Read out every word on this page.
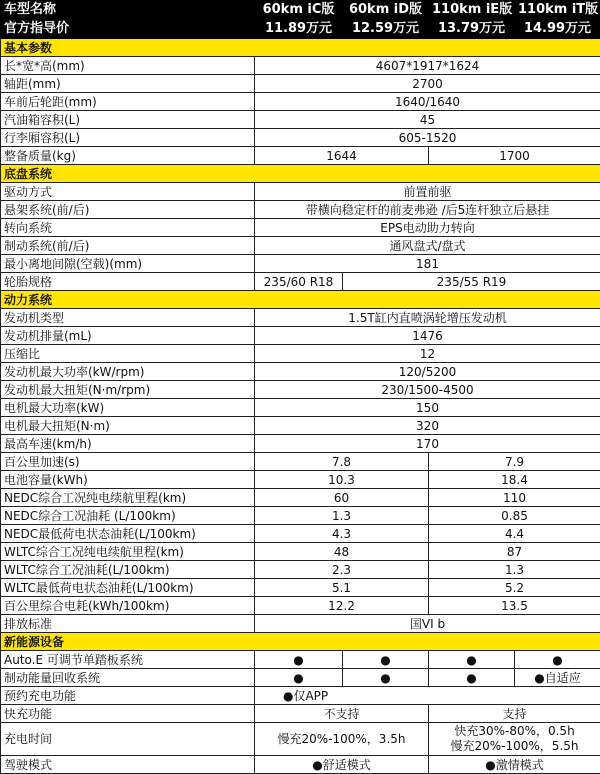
车型名称	60km iC版	60km iD版	110km iE版	110km iT版
官方指导价	11.89万元	12.59万元	13.79万元	14.99万元
基本参数				
长*宽*高(mm)	4607*1917*1624			
轴距(mm)	2700			
车前后轮距(mm)	1640/1640			
汽油箱容积(L)	45			
行李厢容积(L)	605-1520			
整备质量(kg)	1644		1700	
底盘系统				
驱动方式	前置前驱			
悬架系统(前/后)	带横向稳定杆的前麦弗逊 /后5连杆独立后悬挂			
转向系统	EPS电动助力转向			
制动系统(前/后)	通风盘式/盘式			
最小离地间隙(空载)(mm)	181			
轮胎规格	235/60 R18	235/55 R19		
动力系统				
发动机类型	1.5T缸内直喷涡轮增压发动机			
发动机排量(mL)	1476			
压缩比	12			
发动机最大功率(kW/rpm)	120/5200			
发动机最大扭矩(N·m/rpm)	230/1500-4500			
电机最大功率(kW)	150			
电机最大扭矩(N·m)	320			
最高车速(km/h)	170			
百公里加速(s)	7.8		7.9	
电池容量(kWh)	10.3		18.4	
NEDC综合工况纯电续航里程(km)	60		110	
NEDC综合工况油耗 (L/100km)	1.3		0.85	
NEDC最低荷电状态油耗(L/100km)	4.3		4.4	
WLTC综合工况纯电续航里程(km)	48		87	
WLTC综合工况油耗(L/100km)	2.3		1.3	
WLTC最低荷电状态油耗(L/100km)	5.1		5.2	
百公里综合电耗(kWh/100km)	12.2		13.5	
排放标准	国VI b			
新能源设备				
Auto.E 可调节单踏板系统	●	●	●	●
制动能量回收系统	●	●	●	●自适应
预约充电功能	●仅APP			
快充功能	不支持		支持	
充电时间	慢充20%-100%，3.5h		快充30%-80%，0.5h
慢充20%-100%，5.5h	

驾驶模式	●舒适模式		●激情模式	
